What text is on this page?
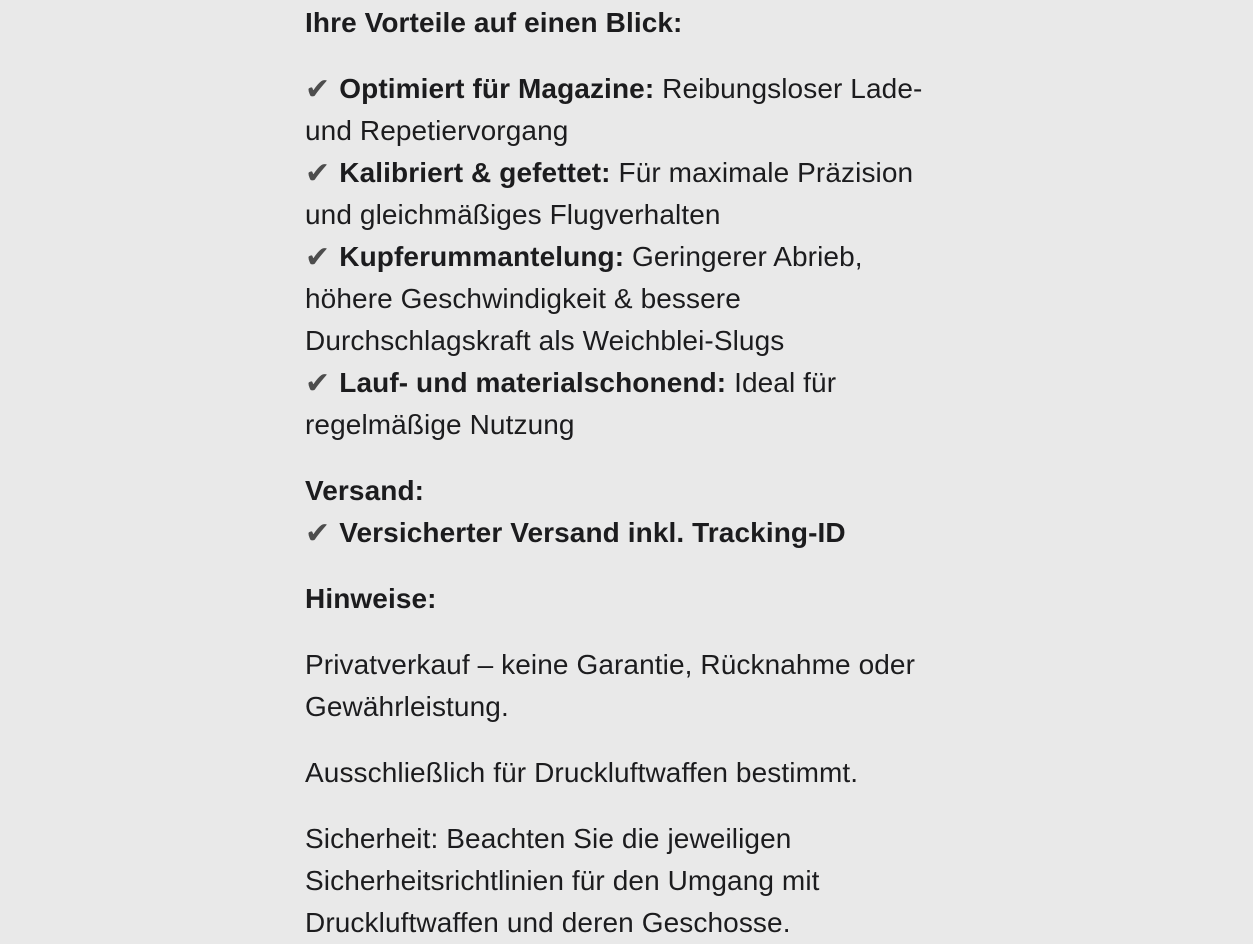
Ihre Vorteile auf einen Blick:
✔ Optimiert für Magazine: Reibungsloser Lade-
und Repetiervorgang
✔ Kalibriert & gefettet: Für maximale Präzision
und gleichmäßiges Flugverhalten
✔ Kupferummantelung: Geringerer Abrieb,
höhere Geschwindigkeit & bessere
Durchschlagskraft als Weichblei-Slugs
✔ Lauf- und materialschonend: Ideal für
regelmäßige Nutzung
Versand:
✔ Versicherter Versand inkl. Tracking-ID
Hinweise:
Privatverkauf – keine Garantie, Rücknahme oder
Gewährleistung.
Ausschließlich für Druckluftwaffen bestimmt.
Sicherheit: Beachten Sie die jeweiligen
Sicherheitsrichtlinien für den Umgang mit
Druckluftwaffen und deren Geschosse.
